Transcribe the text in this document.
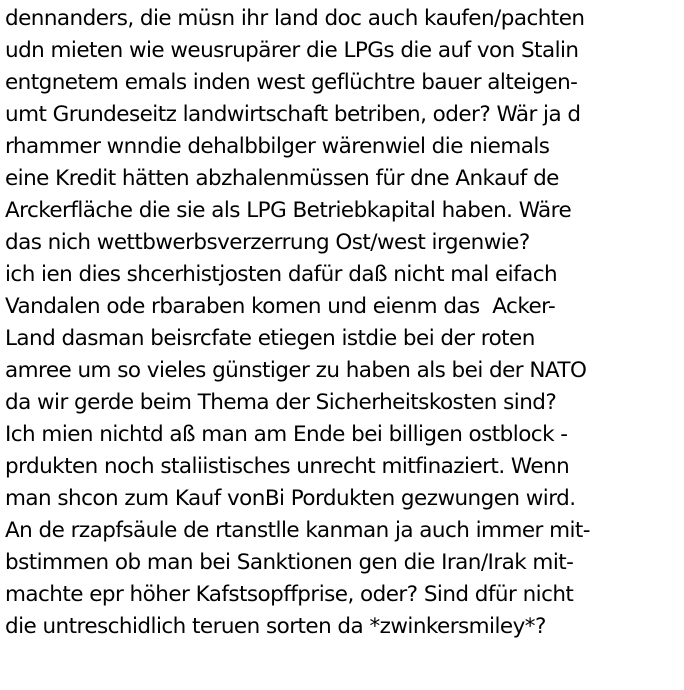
dennanders, die müsn ihr land doc auch kaufen/pachten
udn mieten wie weusrupärer die LPGs die auf von Stalin
entgnetem emals inden west geflüchtre bauer alteigen-
umt Grundeseitz landwirtschaft betriben, oder? Wär ja d
rhammer wnndie dehalbbilger wärenwiel die niemals
eine Kredit hätten abzhalenmüssen für dne Ankauf de
Arckerfläche die sie als LPG Betriebkapital haben. Wäre
das nich wettbwerbsverzerrung Ost/west irgenwie?
ich ien dies shcerhistjosten dafür daß nicht mal eifach
Vandalen ode rbaraben komen und eienm das  Acker-
Land dasman beisrcfate etiegen istdie bei der roten
amree um so vieles günstiger zu haben als bei der NATO
da wir gerde beim Thema der Sicherheitskosten sind?
Ich mien nichtd aß man am Ende bei billigen ostblock -
prdukten noch staliistisches unrecht mitfinaziert. Wenn
man shcon zum Kauf vonBi Pordukten gezwungen wird.
An de rzapfsäule de rtanstlle kanman ja auch immer mit-
bstimmen ob man bei Sanktionen gen die Iran/Irak mit-
machte epr höher Kafstsopffprise, oder? Sind dfür nicht
die untreschidlich teruen sorten da *zwinkersmiley*?
